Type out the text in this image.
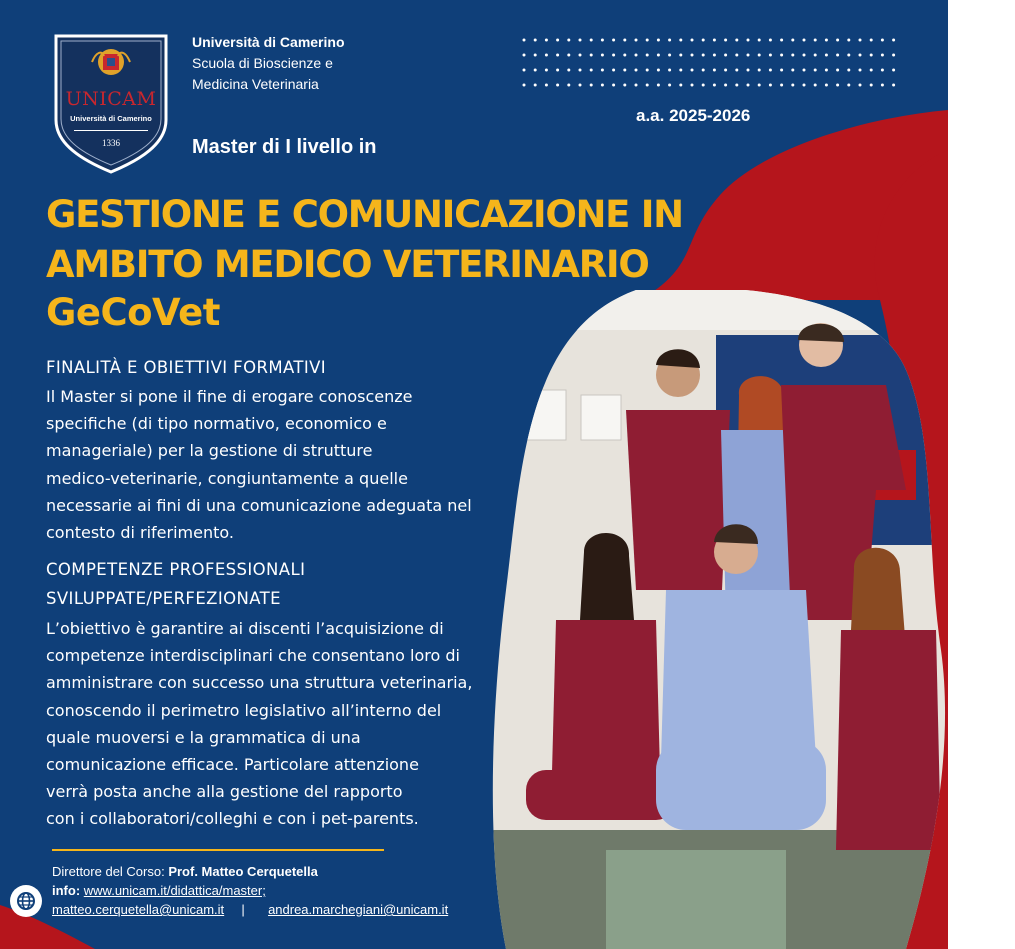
UNICAM
Università di Camerino
1336
Università di Camerino
Scuola di Bioscienze e
Medicina Veterinaria
a.a. 2025-2026
Master di I livello in
GESTIONE E COMUNICAZIONE IN
AMBITO MEDICO VETERINARIO
GeCoVet
FINALITÀ E OBIETTIVI FORMATIVI
Il Master si pone il fine di erogare conoscenze
specifiche (di tipo normativo, economico e
manageriale) per la gestione di strutture
medico-veterinarie, congiuntamente a quelle
necessarie ai fini di una comunicazione adeguata nel
contesto di riferimento.
COMPETENZE PROFESSIONALI
SVILUPPATE/PERFEZIONATE
L’obiettivo è garantire ai discenti l’acquisizione di
competenze interdisciplinari che consentano loro di
amministrare con successo una struttura veterinaria,
conoscendo il perimetro legislativo all’interno del
quale muoversi e la grammatica di una
comunicazione efficace. Particolare attenzione
verrà posta anche alla gestione del rapporto
con i collaboratori/colleghi e con i pet-parents.
Direttore del Corso: Prof. Matteo Cerquetella
info: www.unicam.it/didattica/master;
matteo.cerquetella@unicam.it | andrea.marchegiani@unicam.it
